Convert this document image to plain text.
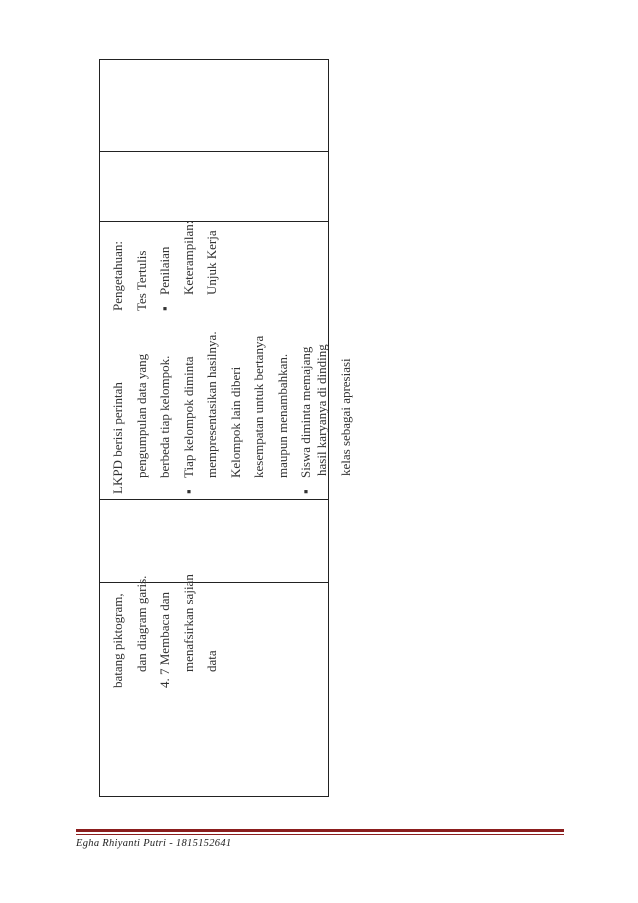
Pengetahuan: Tes Tertulis ▪Penilaian Keterampilan: Unjuk Kerja
LKPD berisi perintah pengumpulan data yang berbeda tiap kelompok.
▪Tiap kelompok diminta mempresentasikan hasilnya. Kelompok lain diberi kesempatan untuk bertanya maupun menambahkan.
▪Siswa diminta memajang
batang piktogram, dan diagram garis. 4. 7 Membaca dan menafsirkan sajian data
hasil karyanya di dinding kelas sebagai apresiasi
Egha Rhiyanti Putri - 1815152641
